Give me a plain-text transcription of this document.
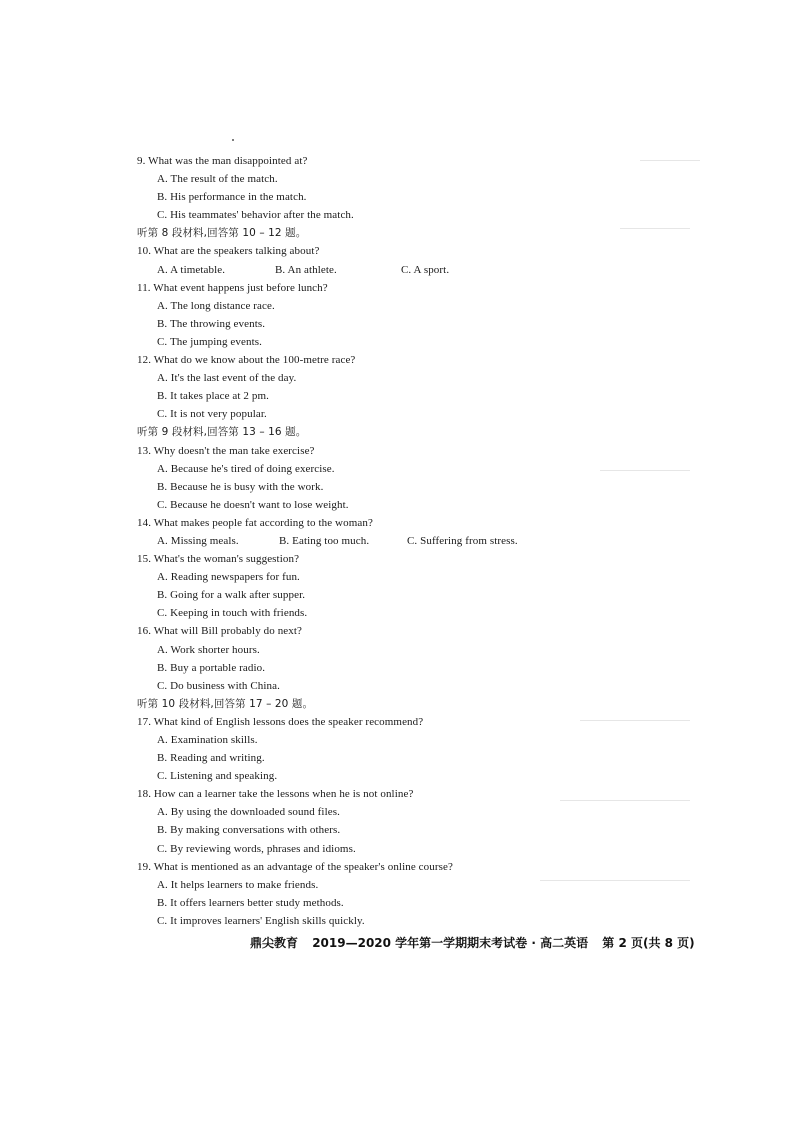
9. What was the man disappointed at?
A. The result of the match.
B. His performance in the match.
C. His teammates' behavior after the match.
听第 8 段材料,回答第 10 – 12 题。
10. What are the speakers talking about?
A. A timetable.	B. An athlete.	C. A sport.
11. What event happens just before lunch?
A. The long distance race.
B. The throwing events.
C. The jumping events.
12. What do we know about the 100-metre race?
A. It's the last event of the day.
B. It takes place at 2 pm.
C. It is not very popular.
听第 9 段材料,回答第 13 – 16 题。
13. Why doesn't the man take exercise?
A. Because he's tired of doing exercise.
B. Because he is busy with the work.
C. Because he doesn't want to lose weight.
14. What makes people fat according to the woman?
A. Missing meals.	B. Eating too much.	C. Suffering from stress.
15. What's the woman's suggestion?
A. Reading newspapers for fun.
B. Going for a walk after supper.
C. Keeping in touch with friends.
16. What will Bill probably do next?
A. Work shorter hours.
B. Buy a portable radio.
C. Do business with China.
听第 10 段材料,回答第 17 – 20 题。
17. What kind of English lessons does the speaker recommend?
A. Examination skills.
B. Reading and writing.
C. Listening and speaking.
18. How can a learner take the lessons when he is not online?
A. By using the downloaded sound files.
B. By making conversations with others.
C. By reviewing words, phrases and idioms.
19. What is mentioned as an advantage of the speaker's online course?
A. It helps learners to make friends.
B. It offers learners better study methods.
C. It improves learners' English skills quickly.
鼎尖教育 2019—2020 学年第一学期期末考试卷 · 高二英语 第 2 页(共 8 页)
